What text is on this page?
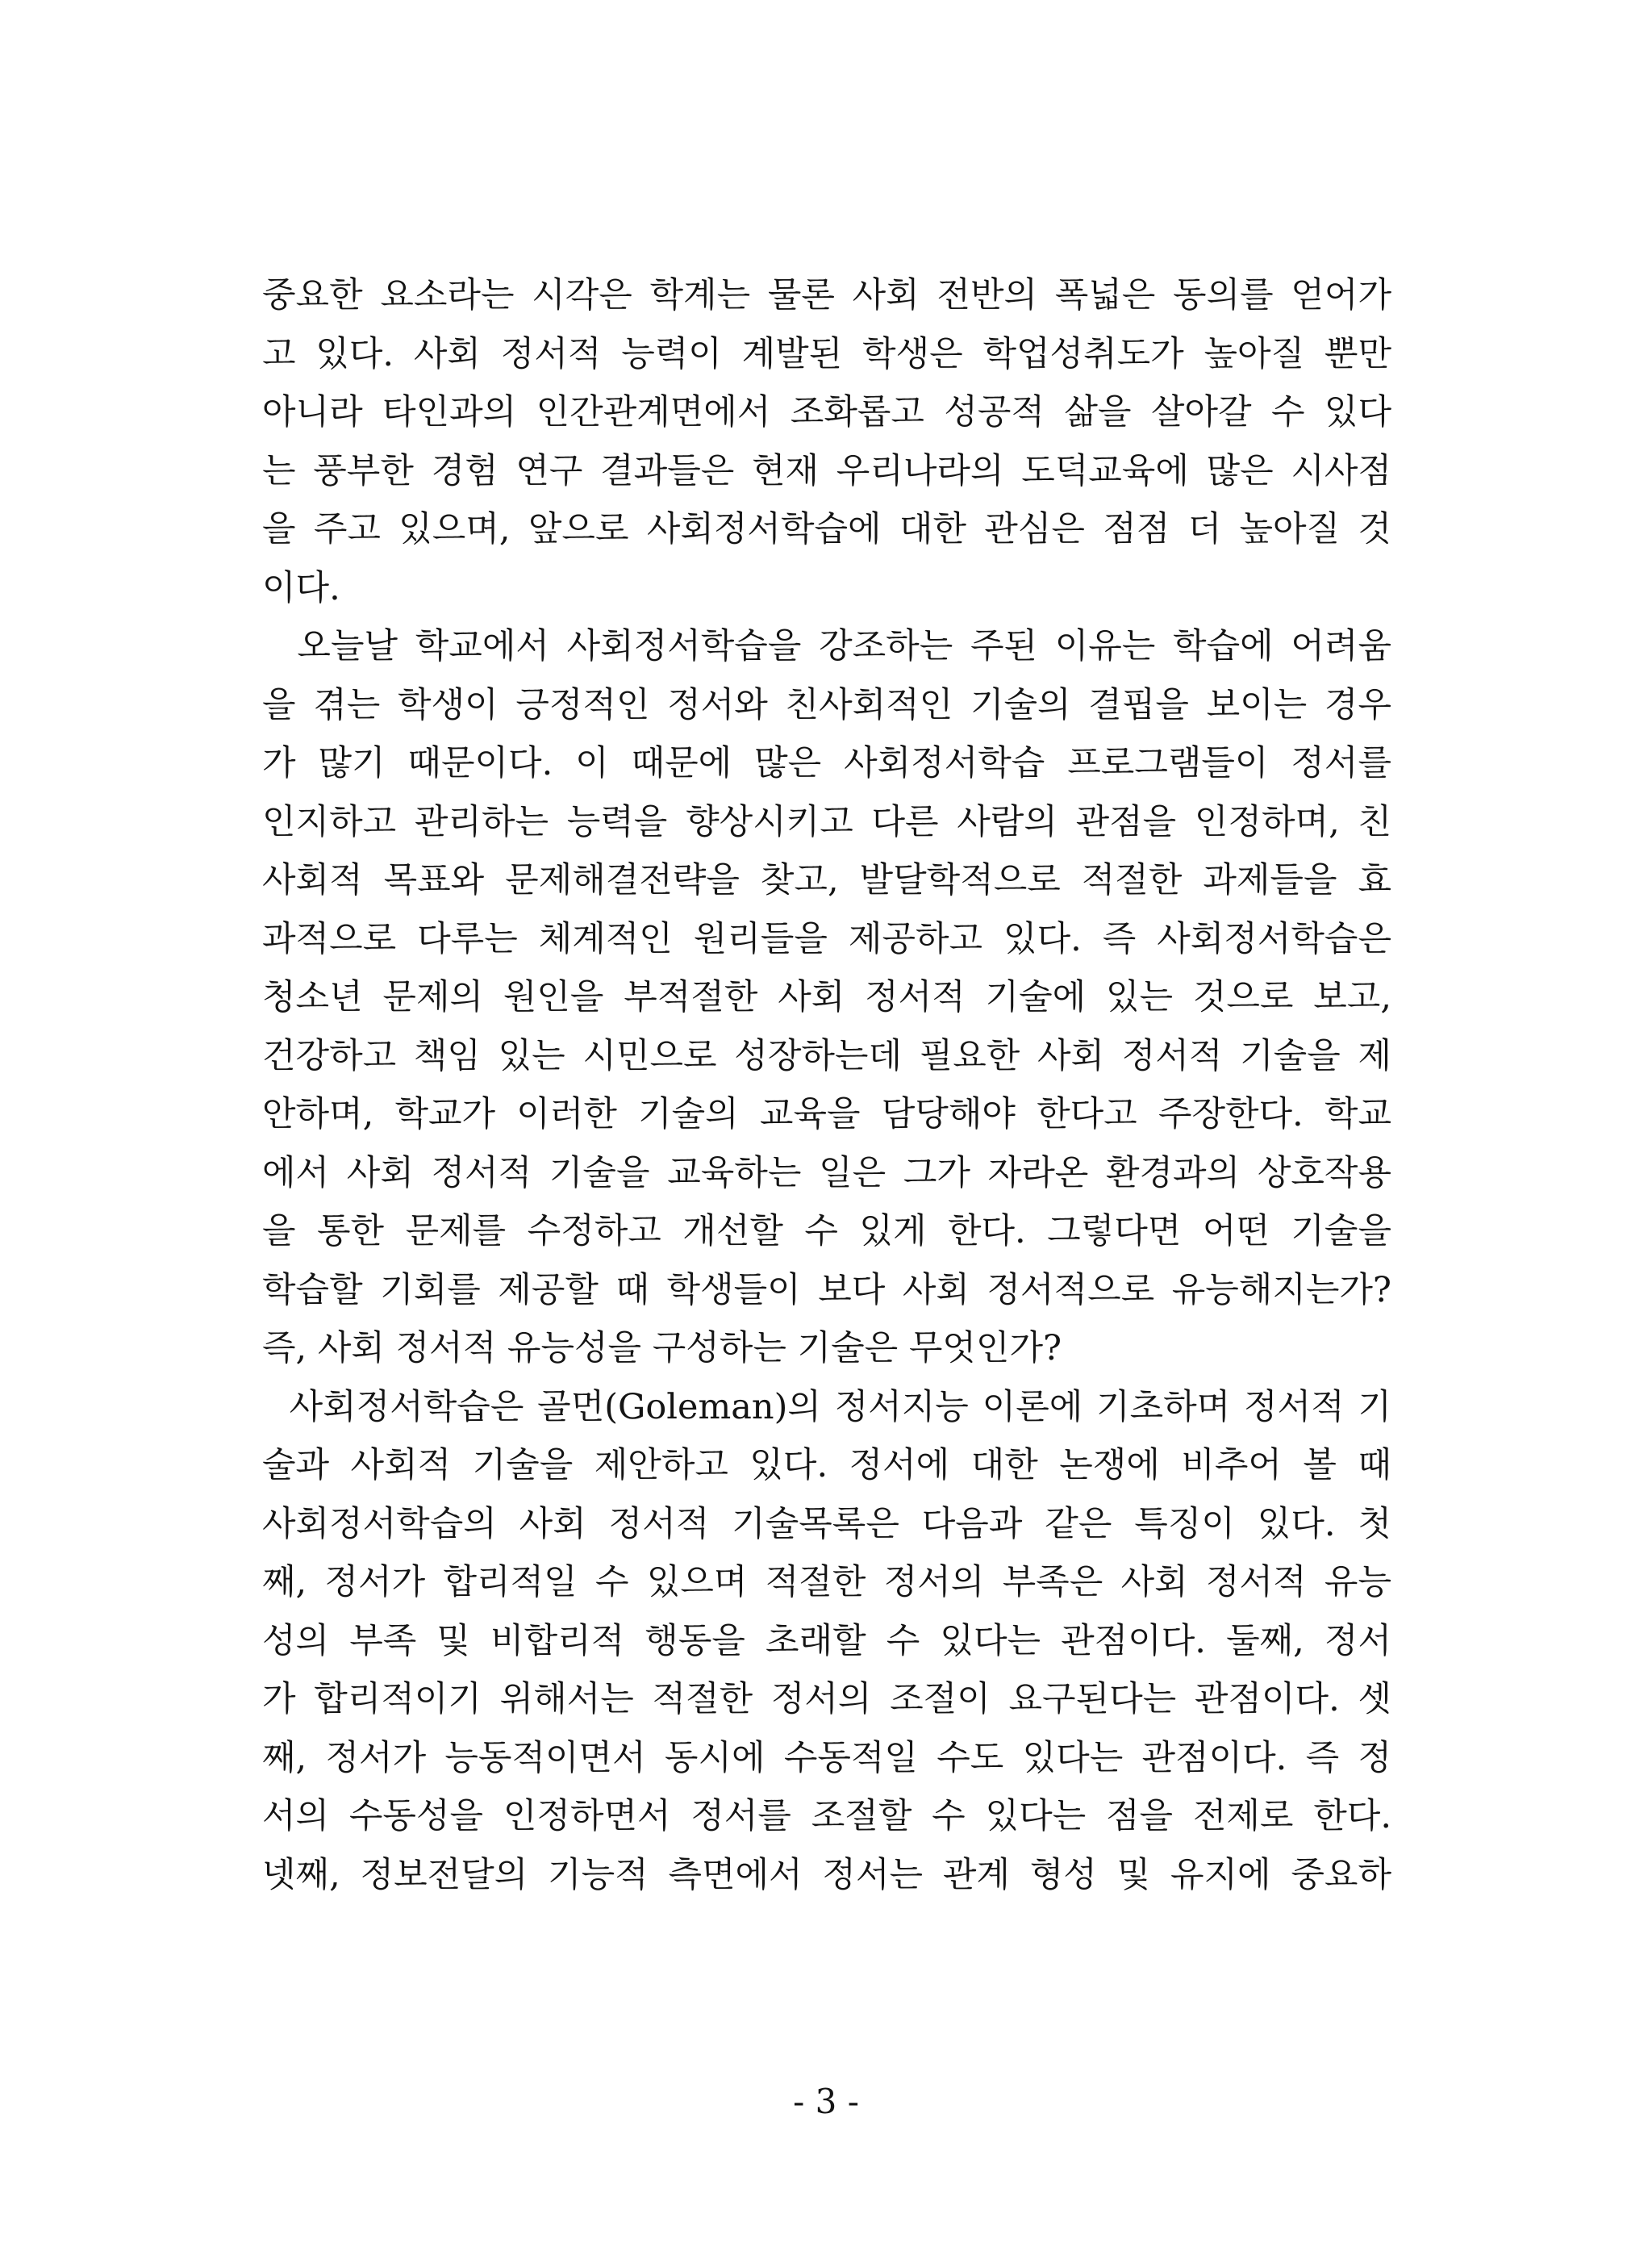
중요한 요소라는 시각은 학계는 물론 사회 전반의 폭넓은 동의를 얻어가
고 있다. 사회 정서적 능력이 계발된 학생은 학업성취도가 높아질 뿐만
아니라 타인과의 인간관계면에서 조화롭고 성공적 삶을 살아갈 수 있다
는 풍부한 경험 연구 결과들은 현재 우리나라의 도덕교육에 많은 시사점
을 주고 있으며, 앞으로 사회정서학습에 대한 관심은 점점 더 높아질 것
이다.
오늘날 학교에서 사회정서학습을 강조하는 주된 이유는 학습에 어려움
을 겪는 학생이 긍정적인 정서와 친사회적인 기술의 결핍을 보이는 경우
가 많기 때문이다. 이 때문에 많은 사회정서학습 프로그램들이 정서를
인지하고 관리하는 능력을 향상시키고 다른 사람의 관점을 인정하며, 친
사회적 목표와 문제해결전략을 찾고, 발달학적으로 적절한 과제들을 효
과적으로 다루는 체계적인 원리들을 제공하고 있다. 즉 사회정서학습은
청소년 문제의 원인을 부적절한 사회 정서적 기술에 있는 것으로 보고,
건강하고 책임 있는 시민으로 성장하는데 필요한 사회 정서적 기술을 제
안하며, 학교가 이러한 기술의 교육을 담당해야 한다고 주장한다. 학교
에서 사회 정서적 기술을 교육하는 일은 그가 자라온 환경과의 상호작용
을 통한 문제를 수정하고 개선할 수 있게 한다. 그렇다면 어떤 기술을
학습할 기회를 제공할 때 학생들이 보다 사회 정서적으로 유능해지는가?
즉, 사회 정서적 유능성을 구성하는 기술은 무엇인가?
사회정서학습은 골먼(Goleman)의 정서지능 이론에 기초하며 정서적 기
술과 사회적 기술을 제안하고 있다. 정서에 대한 논쟁에 비추어 볼 때
사회정서학습의 사회 정서적 기술목록은 다음과 같은 특징이 있다. 첫
째, 정서가 합리적일 수 있으며 적절한 정서의 부족은 사회 정서적 유능
성의 부족 및 비합리적 행동을 초래할 수 있다는 관점이다. 둘째, 정서
가 합리적이기 위해서는 적절한 정서의 조절이 요구된다는 관점이다. 셋
째, 정서가 능동적이면서 동시에 수동적일 수도 있다는 관점이다. 즉 정
서의 수동성을 인정하면서 정서를 조절할 수 있다는 점을 전제로 한다.
넷째, 정보전달의 기능적 측면에서 정서는 관계 형성 및 유지에 중요하
- 3 -
